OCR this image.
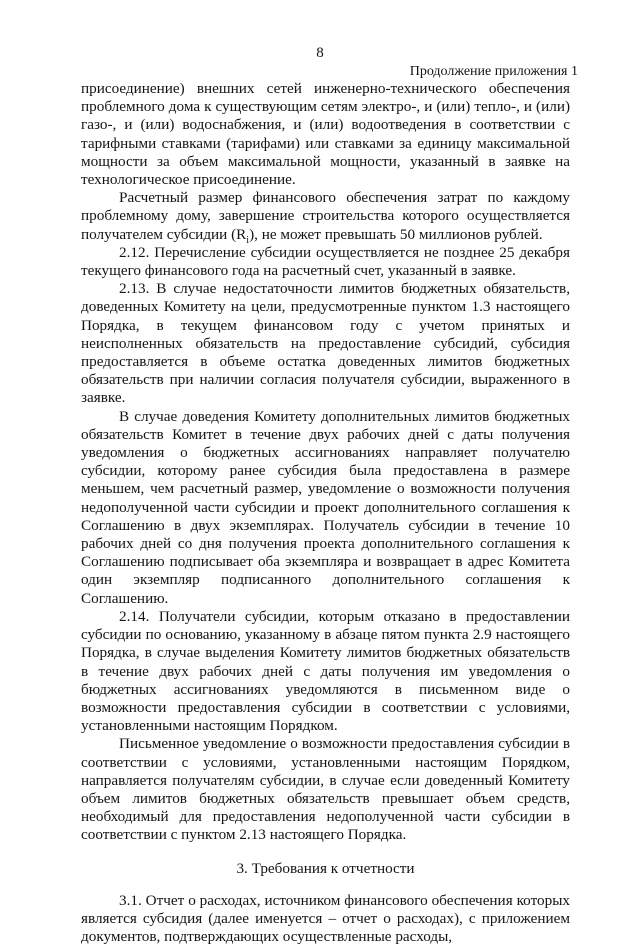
8
Продолжение приложения 1

присоединение) внешних сетей инженерно-технического обеспечения проблемного дома к существующим сетям электро-, и (или) тепло-, и (или) газо-, и (или) водоснабжения, и (или) водоотведения в соответствии с тарифными ставками (тарифами) или ставками за единицу максимальной мощности за объем максимальной мощности, указанный в заявке на технологическое присоединение.

Расчетный размер финансового обеспечения затрат по каждому проблемному дому, завершение строительства которого осуществляется получателем субсидии $(R_i)$, не может превышать 50 миллионов рублей.

2.12. Перечисление субсидии осуществляется не позднее 25 декабря текущего финансового года на расчетный счет, указанный в заявке.

2.13. В случае недостаточности лимитов бюджетных обязательств, доведенных Комитету на цели, предусмотренные пунктом 1.3 настоящего Порядка, в текущем финансовом году с учетом принятых и неисполненных обязательств на предоставление субсидий, субсидия предоставляется в объеме остатка доведенных лимитов бюджетных обязательств при наличии согласия получателя субсидии, выраженного в заявке.

В случае доведения Комитету дополнительных лимитов бюджетных обязательств Комитет в течение двух рабочих дней с даты получения уведомления о бюджетных ассигнованиях направляет получателю субсидии, которому ранее субсидия была предоставлена в размере меньшем, чем расчетный размер, уведомление о возможности получения недополученной части субсидии и проект дополнительного соглашения к Соглашению в двух экземплярах. Получатель субсидии в течение 10 рабочих дней со дня получения проекта дополнительного соглашения к Соглашению подписывает оба экземпляра и возвращает в адрес Комитета один экземпляр подписанного дополнительного соглашения к Соглашению.

2.14. Получатели субсидии, которым отказано в предоставлении субсидии по основанию, указанному в абзаце пятом пункта 2.9 настоящего Порядка, в случае выделения Комитету лимитов бюджетных обязательств в течение двух рабочих дней с даты получения им уведомления о бюджетных ассигнованиях уведомляются в письменном виде о возможности предоставления субсидии в соответствии с условиями, установленными настоящим Порядком.

Письменное уведомление о возможности предоставления субсидии в соответствии с условиями, установленными настоящим Порядком, направляется получателям субсидии, в случае если доведенный Комитету объем лимитов бюджетных обязательств превышает объем средств, необходимый для предоставления недополученной части субсидии в соответствии с пунктом 2.13 настоящего Порядка.

3. Требования к отчетности

3.1. Отчет о расходах, источником финансового обеспечения которых является субсидия (далее именуется – отчет о расходах), с приложением документов, подтверждающих осуществленные расходы,
